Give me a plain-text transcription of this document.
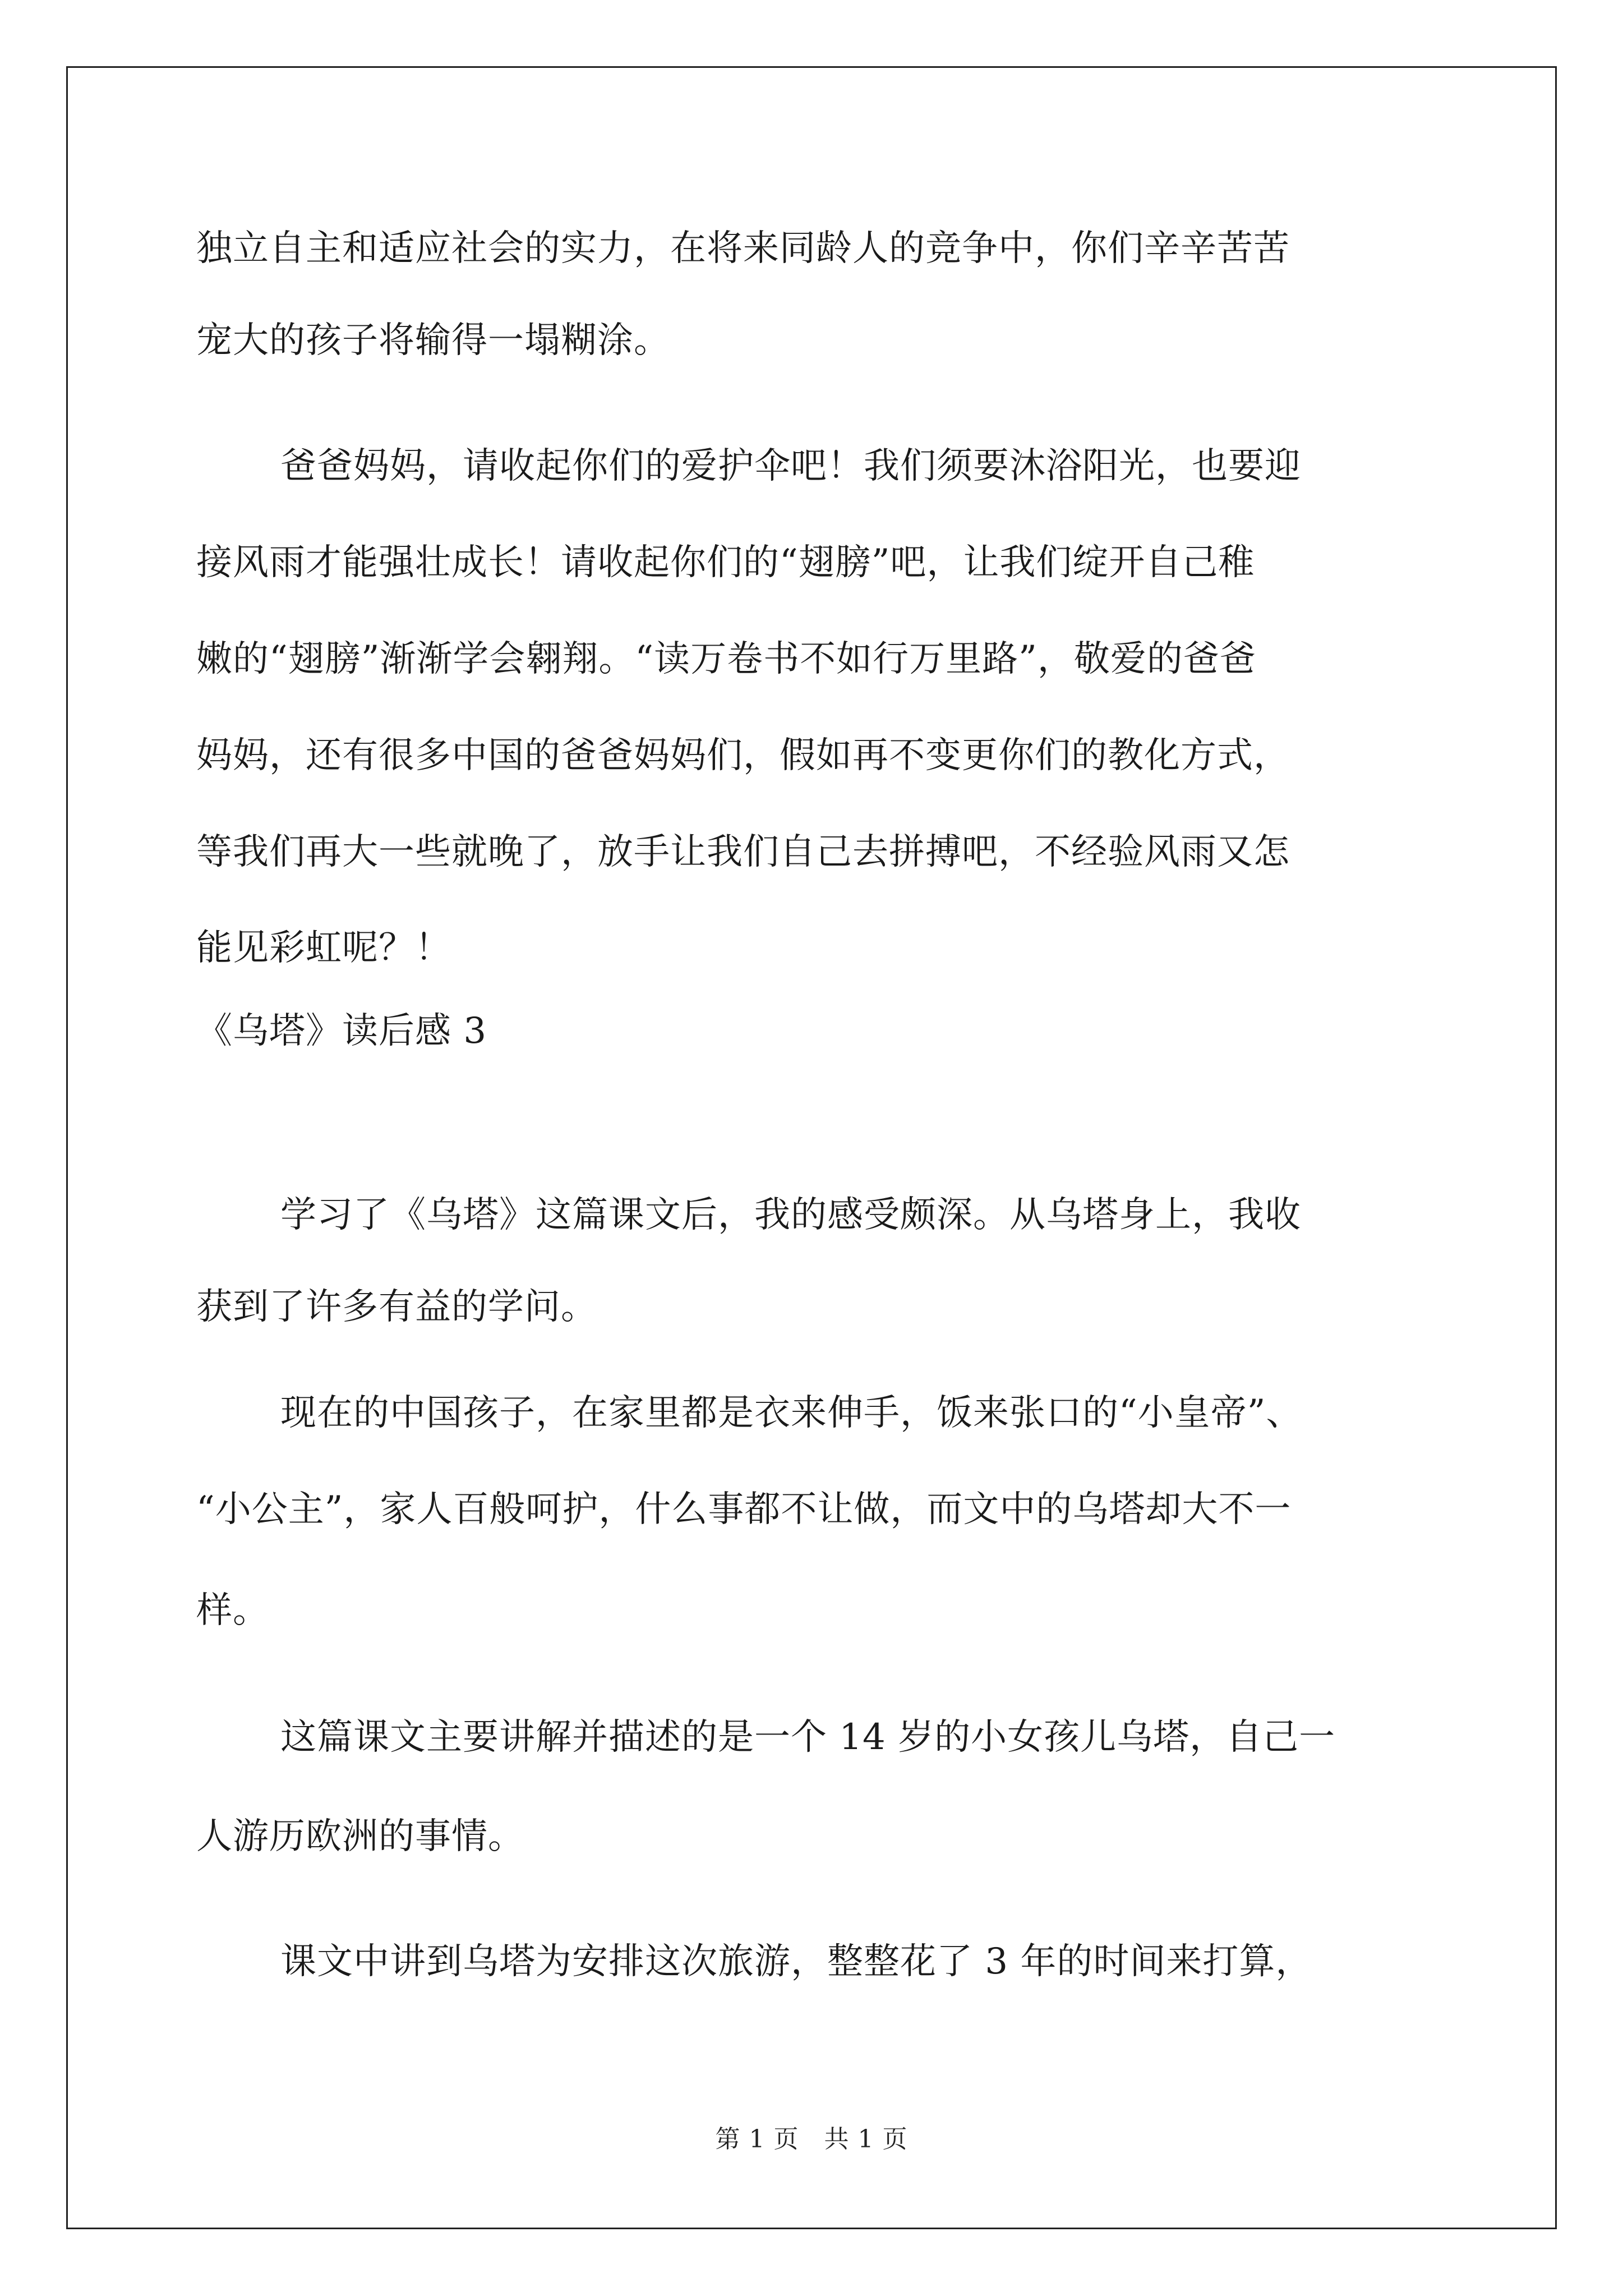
独立自主和适应社会的实力，在将来同龄人的竞争中，你们辛辛苦苦
宠大的孩子将输得一塌糊涂。
爸爸妈妈，请收起你们的爱护伞吧！我们须要沐浴阳光，也要迎
接风雨才能强壮成长！请收起你们的“翅膀”吧，让我们绽开自己稚
嫩的“翅膀”渐渐学会翱翔。“读万卷书不如行万里路”，敬爱的爸爸
妈妈，还有很多中国的爸爸妈妈们，假如再不变更你们的教化方式，
等我们再大一些就晚了，放手让我们自己去拼搏吧，不经验风雨又怎
能见彩虹呢？！
《乌塔》读后感 3
学习了《乌塔》这篇课文后，我的感受颇深。从乌塔身上，我收
获到了许多有益的学问。
现在的中国孩子，在家里都是衣来伸手，饭来张口的“小皇帝”、
“小公主”，家人百般呵护，什么事都不让做，而文中的乌塔却大不一
样。
这篇课文主要讲解并描述的是一个 14 岁的小女孩儿乌塔，自己一
人游历欧洲的事情。
课文中讲到乌塔为安排这次旅游，整整花了 3 年的时间来打算，
第 1 页　共 1 页
